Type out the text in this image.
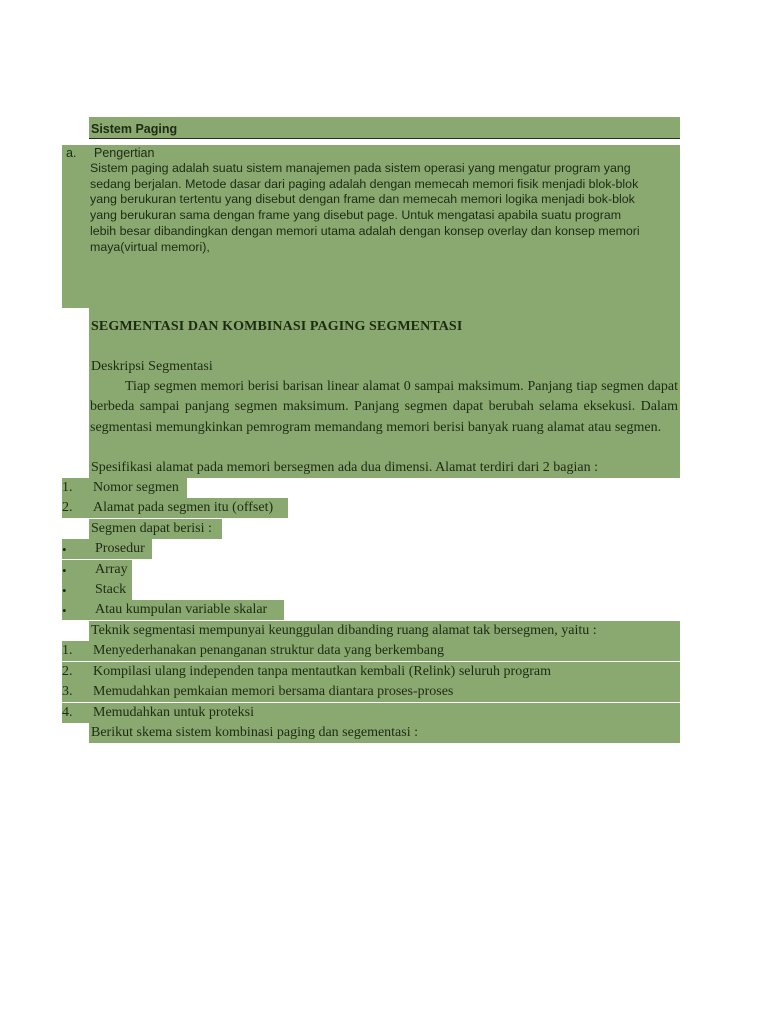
Sistem Paging
a. Pengertian
Sistem paging adalah suatu sistem manajemen pada sistem operasi yang mengatur program yang
sedang berjalan. Metode dasar dari paging adalah dengan memecah memori fisik menjadi blok-blok
yang berukuran tertentu yang disebut dengan frame dan memecah memori logika menjadi bok-blok
yang berukuran sama dengan frame yang disebut page. Untuk mengatasi apabila suatu program
lebih besar dibandingkan dengan memori utama adalah dengan konsep overlay dan konsep memori
maya(virtual memori),
SEGMENTASI DAN KOMBINASI PAGING SEGMENTASI
Deskripsi Segmentasi
Tiap segmen memori berisi barisan linear alamat 0 sampai maksimum. Panjang tiap segmen dapat berbeda sampai panjang segmen maksimum. Panjang segmen dapat berubah selama eksekusi. Dalam segmentasi memungkinkan pemrogram memandang memori berisi banyak ruang alamat atau segmen.
Spesifikasi alamat pada memori bersegmen ada dua dimensi. Alamat terdiri dari 2 bagian :
1. Nomor segmen
2. Alamat pada segmen itu (offset)
Segmen dapat berisi :
• Prosedur
• Array
• Stack
• Atau kumpulan variable skalar
Teknik segmentasi mempunyai keunggulan dibanding ruang alamat tak bersegmen, yaitu :
1. Menyederhanakan penanganan struktur data yang berkembang
2. Kompilasi ulang independen tanpa mentautkan kembali (Relink) seluruh program
3. Memudahkan pemkaian memori bersama diantara proses-proses
4. Memudahkan untuk proteksi
Berikut skema sistem kombinasi paging dan segementasi :
